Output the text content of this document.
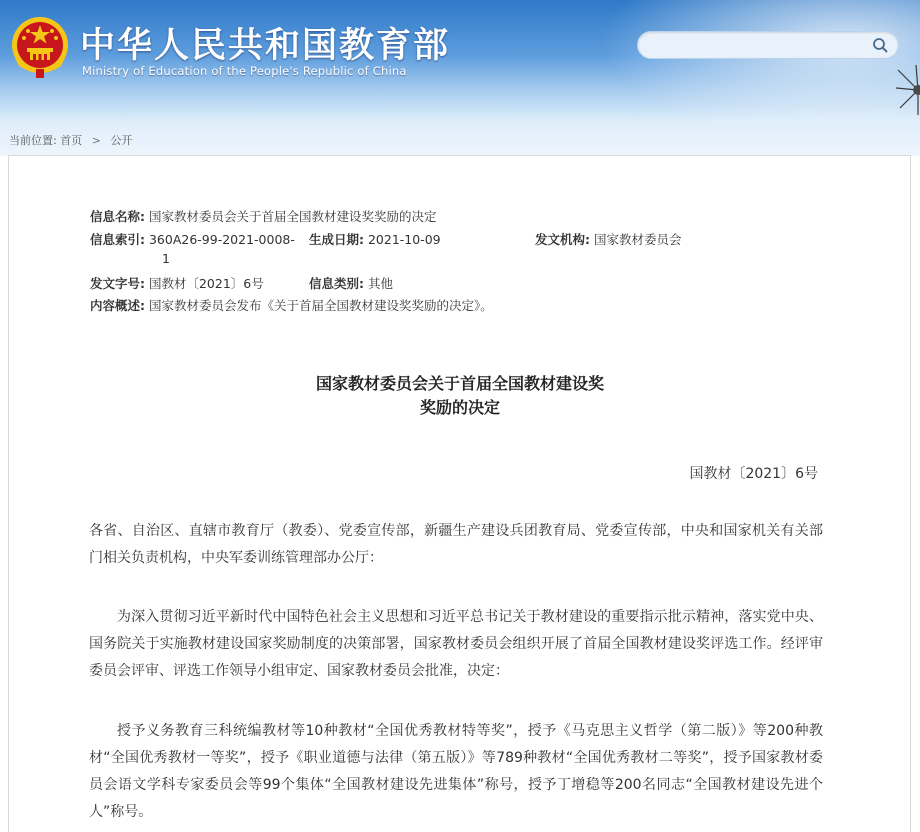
中华人民共和国教育部
Ministry of Education of the People's Republic of China
当前位置: 首页 > 公开
信息名称: 国家教材委员会关于首届全国教材建设奖奖励的决定
信息索引: 360A26-99-2021-0008-
1
生成日期: 2021-10-09	发文机构: 国家教材委员会
发文字号: 国教材〔2021〕6号	信息类别: 其他
内容概述: 国家教材委员会发布《关于首届全国教材建设奖奖励的决定》。
国家教材委员会关于首届全国教材建设奖
奖励的决定
国教材〔2021〕6号
各省、自治区、直辖市教育厅（教委）、党委宣传部，新疆生产建设兵团教育局、党委宣传部，中央和国家机关有关部门相关负责机构，中央军委训练管理部办公厅：
为深入贯彻习近平新时代中国特色社会主义思想和习近平总书记关于教材建设的重要指示批示精神，落实党中央、国务院关于实施教材建设国家奖励制度的决策部署，国家教材委员会组织开展了首届全国教材建设奖评选工作。经评审委员会评审、评选工作领导小组审定、国家教材委员会批准，决定：
授予义务教育三科统编教材等10种教材“全国优秀教材特等奖”，授予《马克思主义哲学（第二版）》等200种教材“全国优秀教材一等奖”，授予《职业道德与法律（第五版）》等789种教材“全国优秀教材二等奖”，授予国家教材委员会语文学科专家委员会等99个集体“全国教材建设先进集体”称号，授予丁增稳等200名同志“全国教材建设先进个人”称号。
